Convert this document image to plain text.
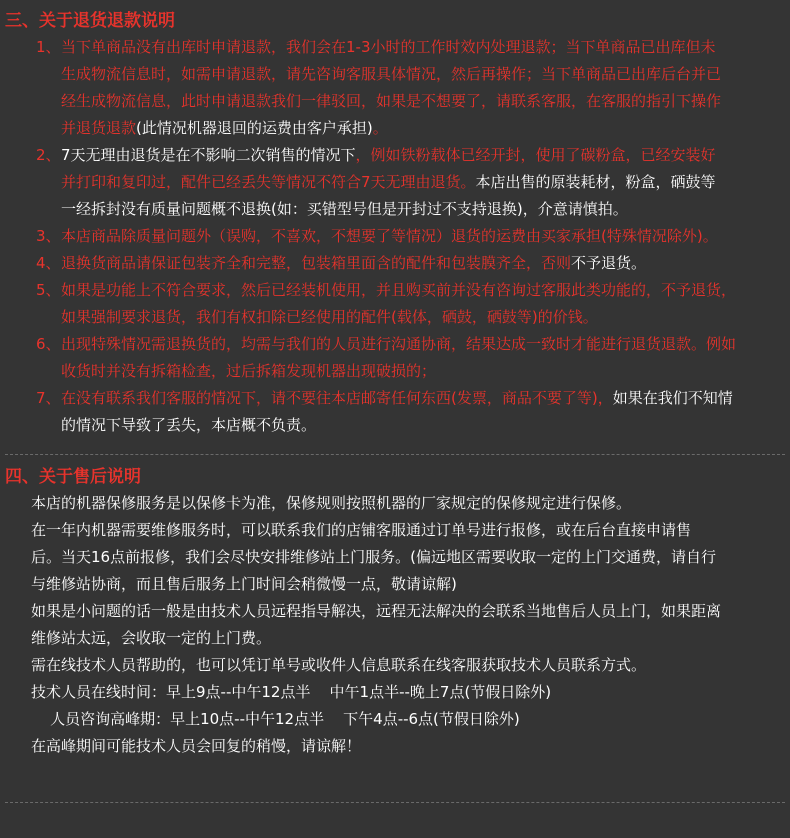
三、关于退货退款说明
1、 当下单商品没有出库时申请退款，我们会在1-3小时的工作时效内处理退款；当下单商品已出库但未
生成物流信息时，如需申请退款，请先咨询客服具体情况，然后再操作；当下单商品已出库后台并已
经生成物流信息，此时申请退款我们一律驳回，如果是不想要了，请联系客服，在客服的指引下操作
并退货退款(此情况机器退回的运费由客户承担)。
2、 7天无理由退货是在不影响二次销售的情况下，例如铁粉载体已经开封，使用了碳粉盒，已经安装好
并打印和复印过，配件已经丢失等情况不符合7天无理由退货。本店出售的原装耗材，粉盒，硒鼓等
一经拆封没有质量问题概不退换(如：买错型号但是开封过不支持退换)，介意请慎拍。
3、 本店商品除质量问题外（误购，不喜欢，不想要了等情况）退货的运费由买家承担(特殊情况除外)。
4、 退换货商品请保证包装齐全和完整，包装箱里面含的配件和包装膜齐全，否则不予退货。
5、 如果是功能上不符合要求，然后已经装机使用，并且购买前并没有咨询过客服此类功能的，不予退货，
如果强制要求退货，我们有权扣除已经使用的配件(载体，硒鼓，硒鼓等)的价钱。
6、 出现特殊情况需退换货的，均需与我们的人员进行沟通协商，结果达成一致时才能进行退货退款。例如
收货时并没有拆箱检查，过后拆箱发现机器出现破损的；
7、 在没有联系我们客服的情况下，请不要往本店邮寄任何东西(发票，商品不要了等)，如果在我们不知情
的情况下导致了丢失，本店概不负责。
四、关于售后说明
本店的机器保修服务是以保修卡为准，保修规则按照机器的厂家规定的保修规定进行保修。
在一年内机器需要维修服务时，可以联系我们的店铺客服通过订单号进行报修，或在后台直接申请售
后。当天16点前报修，我们会尽快安排维修站上门服务。(偏远地区需要收取一定的上门交通费，请自行
与维修站协商，而且售后服务上门时间会稍微慢一点，敬请谅解)
如果是小问题的话一般是由技术人员远程指导解决，远程无法解决的会联系当地售后人员上门，如果距离
维修站太远，会收取一定的上门费。
需在线技术人员帮助的，也可以凭订单号或收件人信息联系在线客服获取技术人员联系方式。
技术人员在线时间：早上9点--中午12点半    中午1点半--晚上7点(节假日除外)
人员咨询高峰期：早上10点--中午12点半    下午4点--6点(节假日除外)
在高峰期间可能技术人员会回复的稍慢，请谅解！
